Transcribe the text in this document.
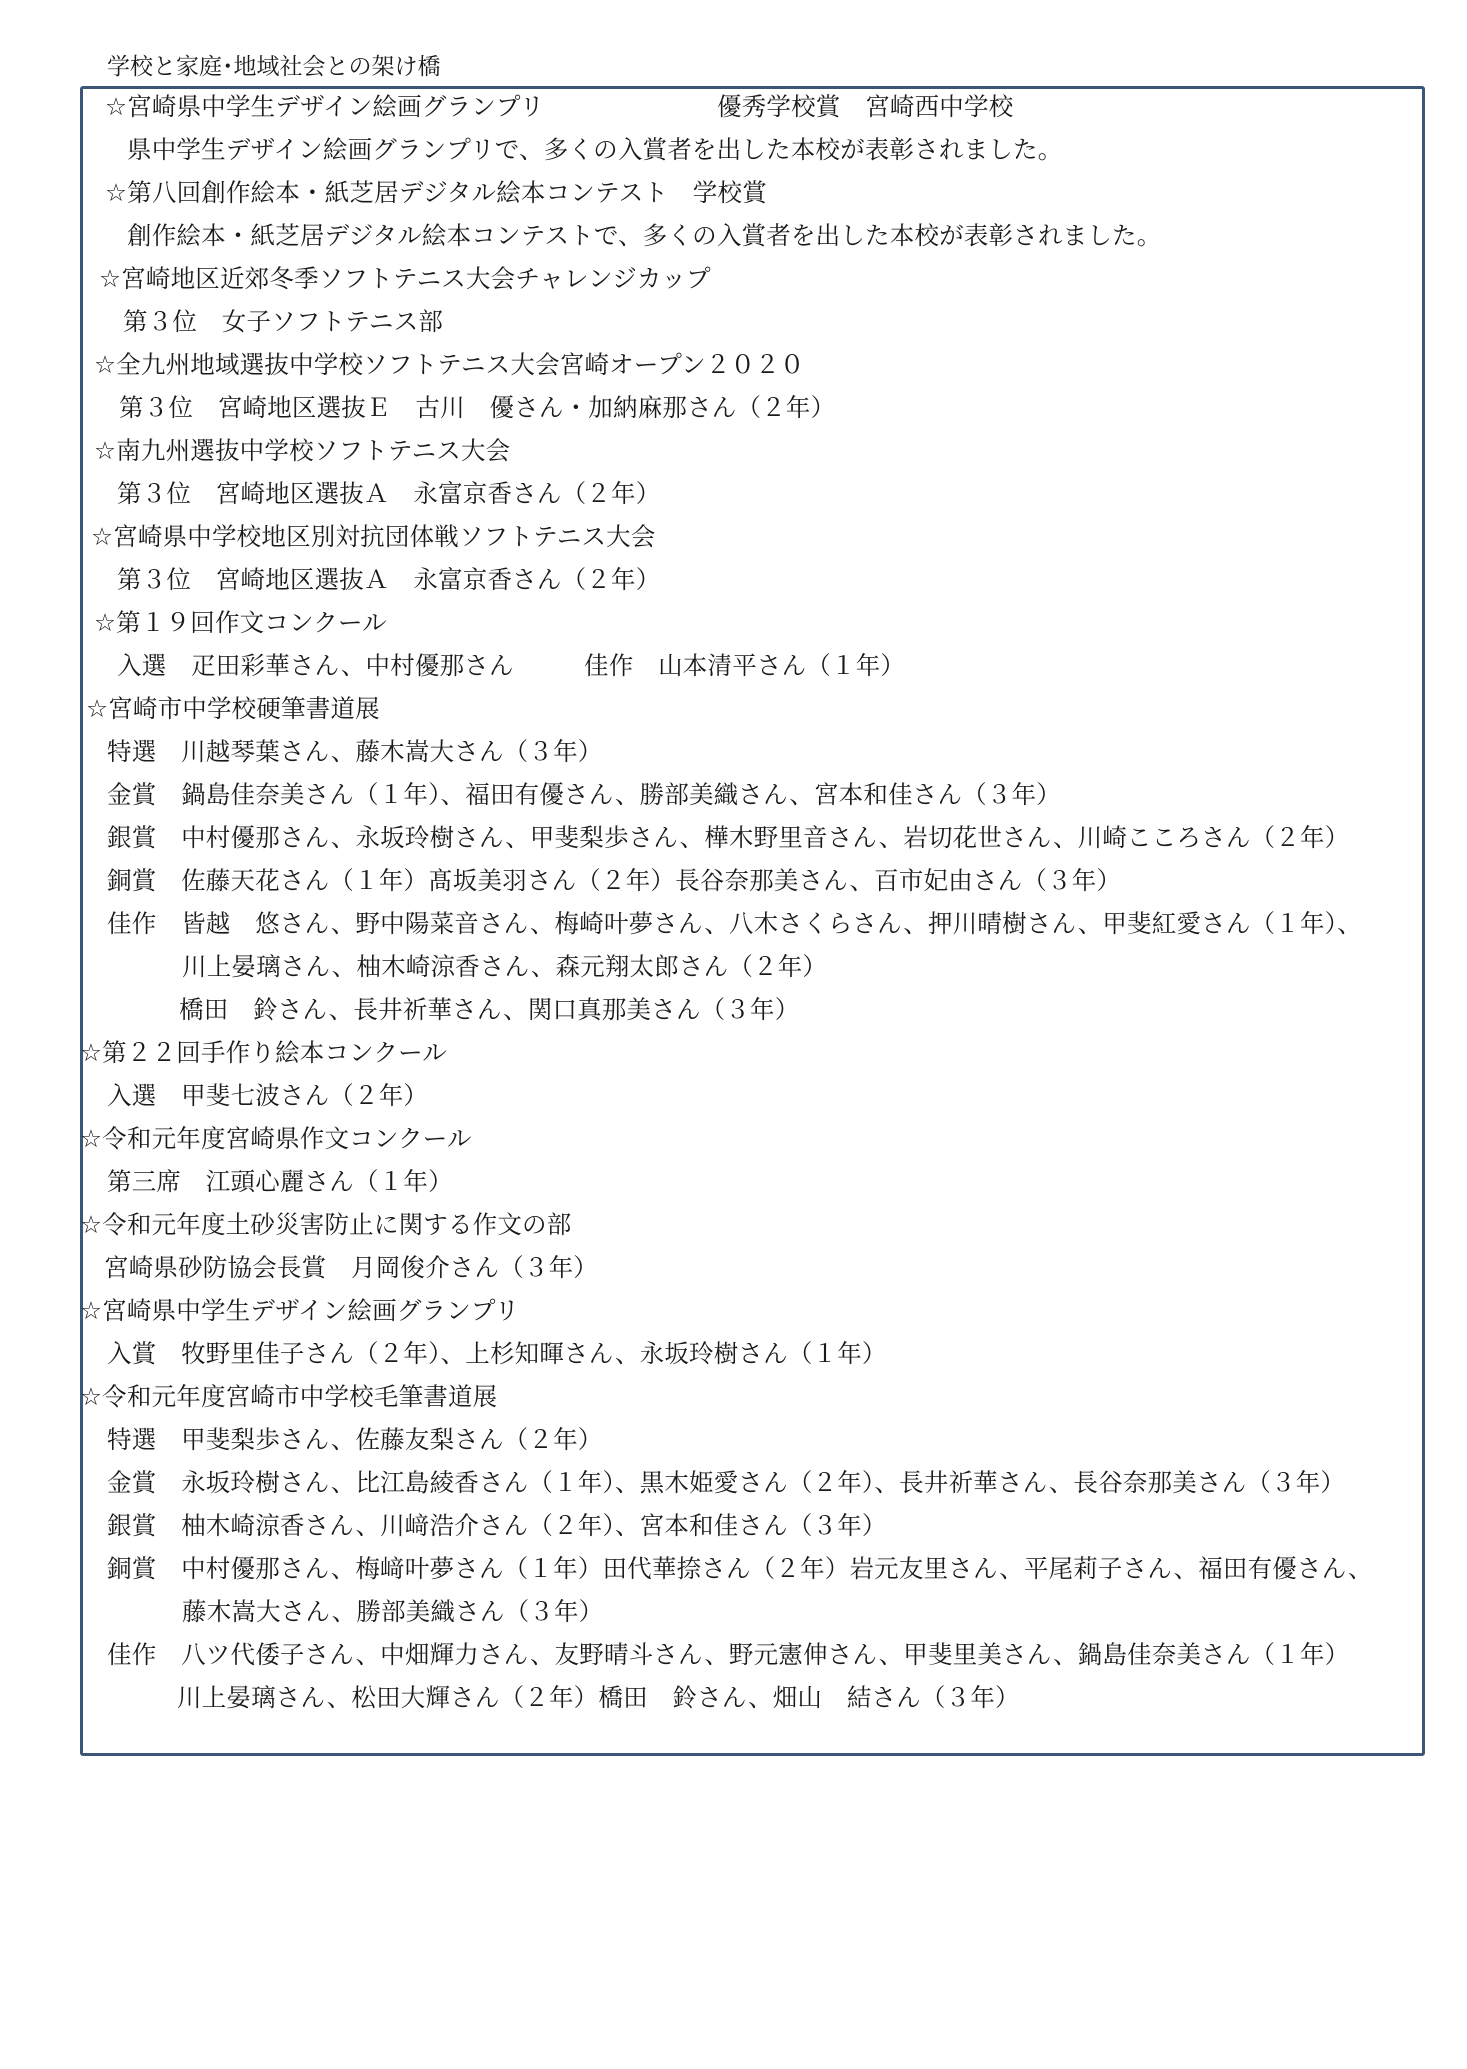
学校と家庭･地域社会との架け橋
☆宮崎県中学生デザイン絵画グランプリ	優秀学校賞　宮崎西中学校
県中学生デザイン絵画グランプリで、多くの入賞者を出した本校が表彰されました。
☆第八回創作絵本・紙芝居デジタル絵本コンテスト　学校賞
創作絵本・紙芝居デジタル絵本コンテストで、多くの入賞者を出した本校が表彰されました。
☆宮崎地区近郊冬季ソフトテニス大会チャレンジカップ
第３位　女子ソフトテニス部
☆全九州地域選抜中学校ソフトテニス大会宮崎オープン２０２０
第３位　宮崎地区選抜Ｅ　古川　優さん・加納麻那さん（２年）
☆南九州選抜中学校ソフトテニス大会
第３位　宮崎地区選抜Ａ　永富京香さん（２年）
☆宮崎県中学校地区別対抗団体戦ソフトテニス大会
第３位　宮崎地区選抜Ａ　永富京香さん（２年）
☆第１９回作文コンクール
入選　疋田彩華さん、中村優那さん	佳作　山本清平さん（１年）
☆宮崎市中学校硬筆書道展
特選　川越琴葉さん、藤木嵩大さん（３年）
金賞　鍋島佳奈美さん（１年）、福田有優さん、勝部美織さん、宮本和佳さん（３年）
銀賞　中村優那さん、永坂玲樹さん、甲斐梨歩さん、樺木野里音さん、岩切花世さん、川崎こころさん（２年）
銅賞　佐藤天花さん（１年）髙坂美羽さん（２年）長谷奈那美さん、百市妃由さん（３年）
佳作　皆越　悠さん、野中陽菜音さん、梅崎叶夢さん、八木さくらさん、押川晴樹さん、甲斐紅愛さん（１年）、
川上晏璃さん、柚木崎涼香さん、森元翔太郎さん（２年）
橋田　鈴さん、長井祈華さん、関口真那美さん（３年）
☆第２２回手作り絵本コンクール
入選　甲斐七波さん（２年）
☆令和元年度宮崎県作文コンクール
第三席　江頭心麗さん（１年）
☆令和元年度土砂災害防止に関する作文の部
宮崎県砂防協会長賞　月岡俊介さん（３年）
☆宮崎県中学生デザイン絵画グランプリ
入賞　牧野里佳子さん（２年）、上杉知暉さん、永坂玲樹さん（１年）
☆令和元年度宮崎市中学校毛筆書道展
特選　甲斐梨歩さん、佐藤友梨さん（２年）
金賞　永坂玲樹さん、比江島綾香さん（１年）、黒木姫愛さん（２年）、長井祈華さん、長谷奈那美さん（３年）
銀賞　柚木崎涼香さん、川﨑浩介さん（２年）、宮本和佳さん（３年）
銅賞　中村優那さん、梅﨑叶夢さん（１年）田代華捺さん（２年）岩元友里さん、平尾莉子さん、福田有優さん、
藤木嵩大さん、勝部美織さん（３年）
佳作　八ツ代倭子さん、中畑輝力さん、友野晴斗さん、野元憲伸さん、甲斐里美さん、鍋島佳奈美さん（１年）
川上晏璃さん、松田大輝さん（２年）橋田　鈴さん、畑山　結さん（３年）
